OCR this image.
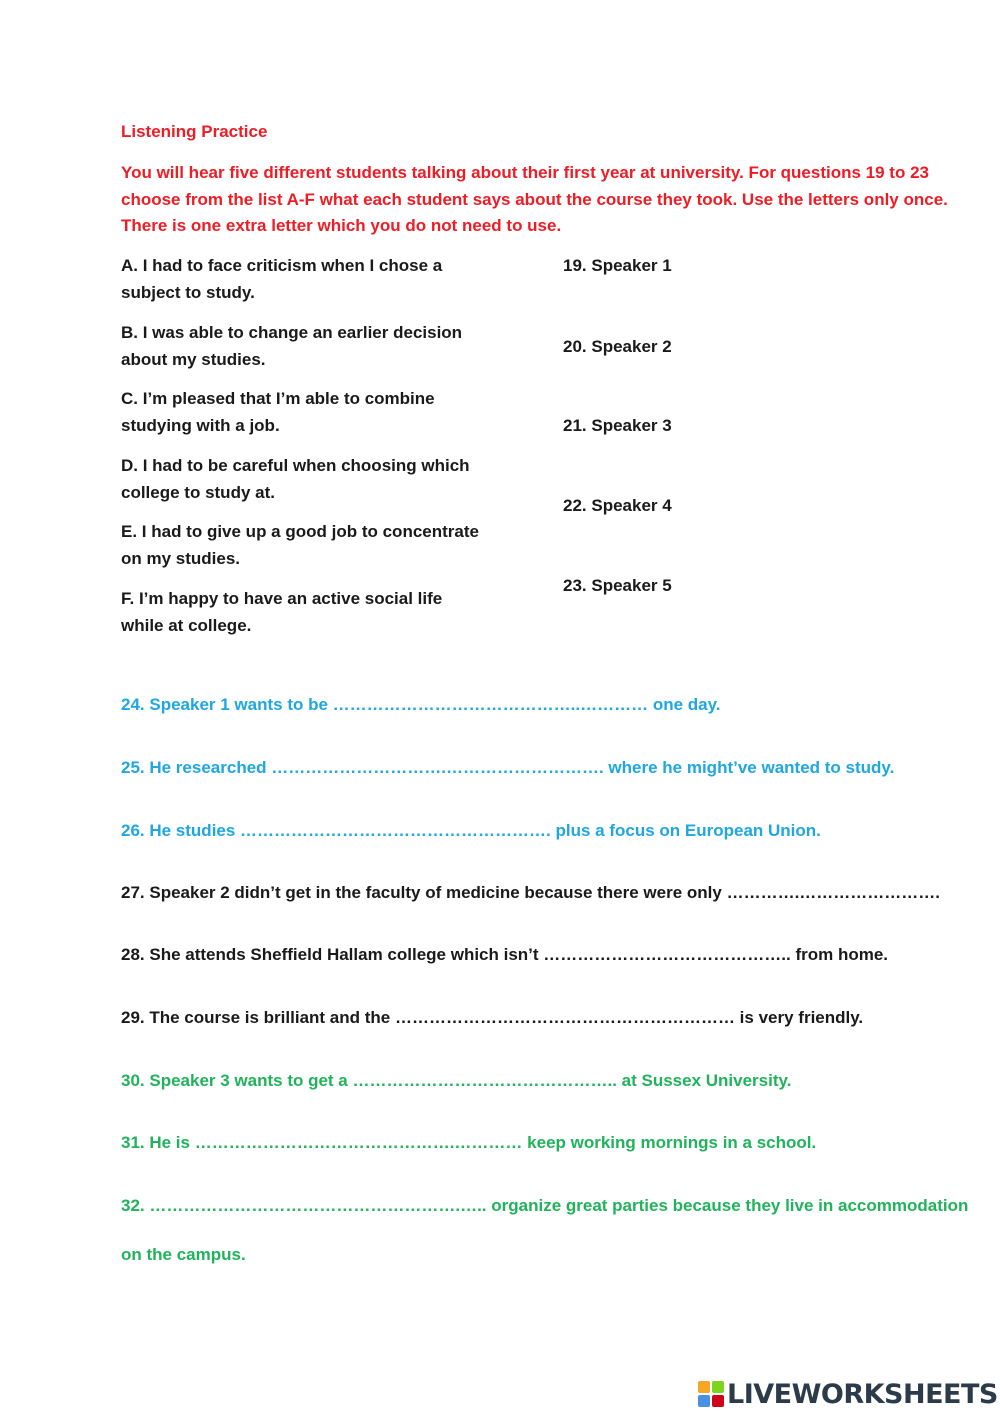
Listening Practice
You will hear five different students talking about their first year at university. For questions 19 to 23 choose from the list A-F what each student says about the course they took. Use the letters only once. There is one extra letter which you do not need to use.
A. I had to face criticism when I chose a
subject to study.
B. I was able to change an earlier decision
about my studies.
C. I’m pleased that I’m able to combine
studying with a job.
D. I had to be careful when choosing which
college to study at.
E. I had to give up a good job to concentrate
on my studies.
F. I’m happy to have an active social life
while at college.
19. Speaker 1
20. Speaker 2
21. Speaker 3
22. Speaker 4
23. Speaker 5
24. Speaker 1 wants to be ……………………………………..………… one day.
25. He researched ………………………….………………………. where he might’ve wanted to study.
26. He studies ………………………………………………. plus a focus on European Union.
27. Speaker 2 didn’t get in the faculty of medicine because there were only ………….…………………….
28. She attends Sheffield Hallam college which isn’t …………………………………….. from home.
29. The course is brilliant and the …………………………………………………… is very friendly.
30. Speaker 3 wants to get a ……………………………………….. at Sussex University.
31. He is ……………………………………….………… keep working mornings in a school.
32. ……………………………………………….….. organize great parties because they live in accommodation
on the campus.
LIVEWORKSHEETS
